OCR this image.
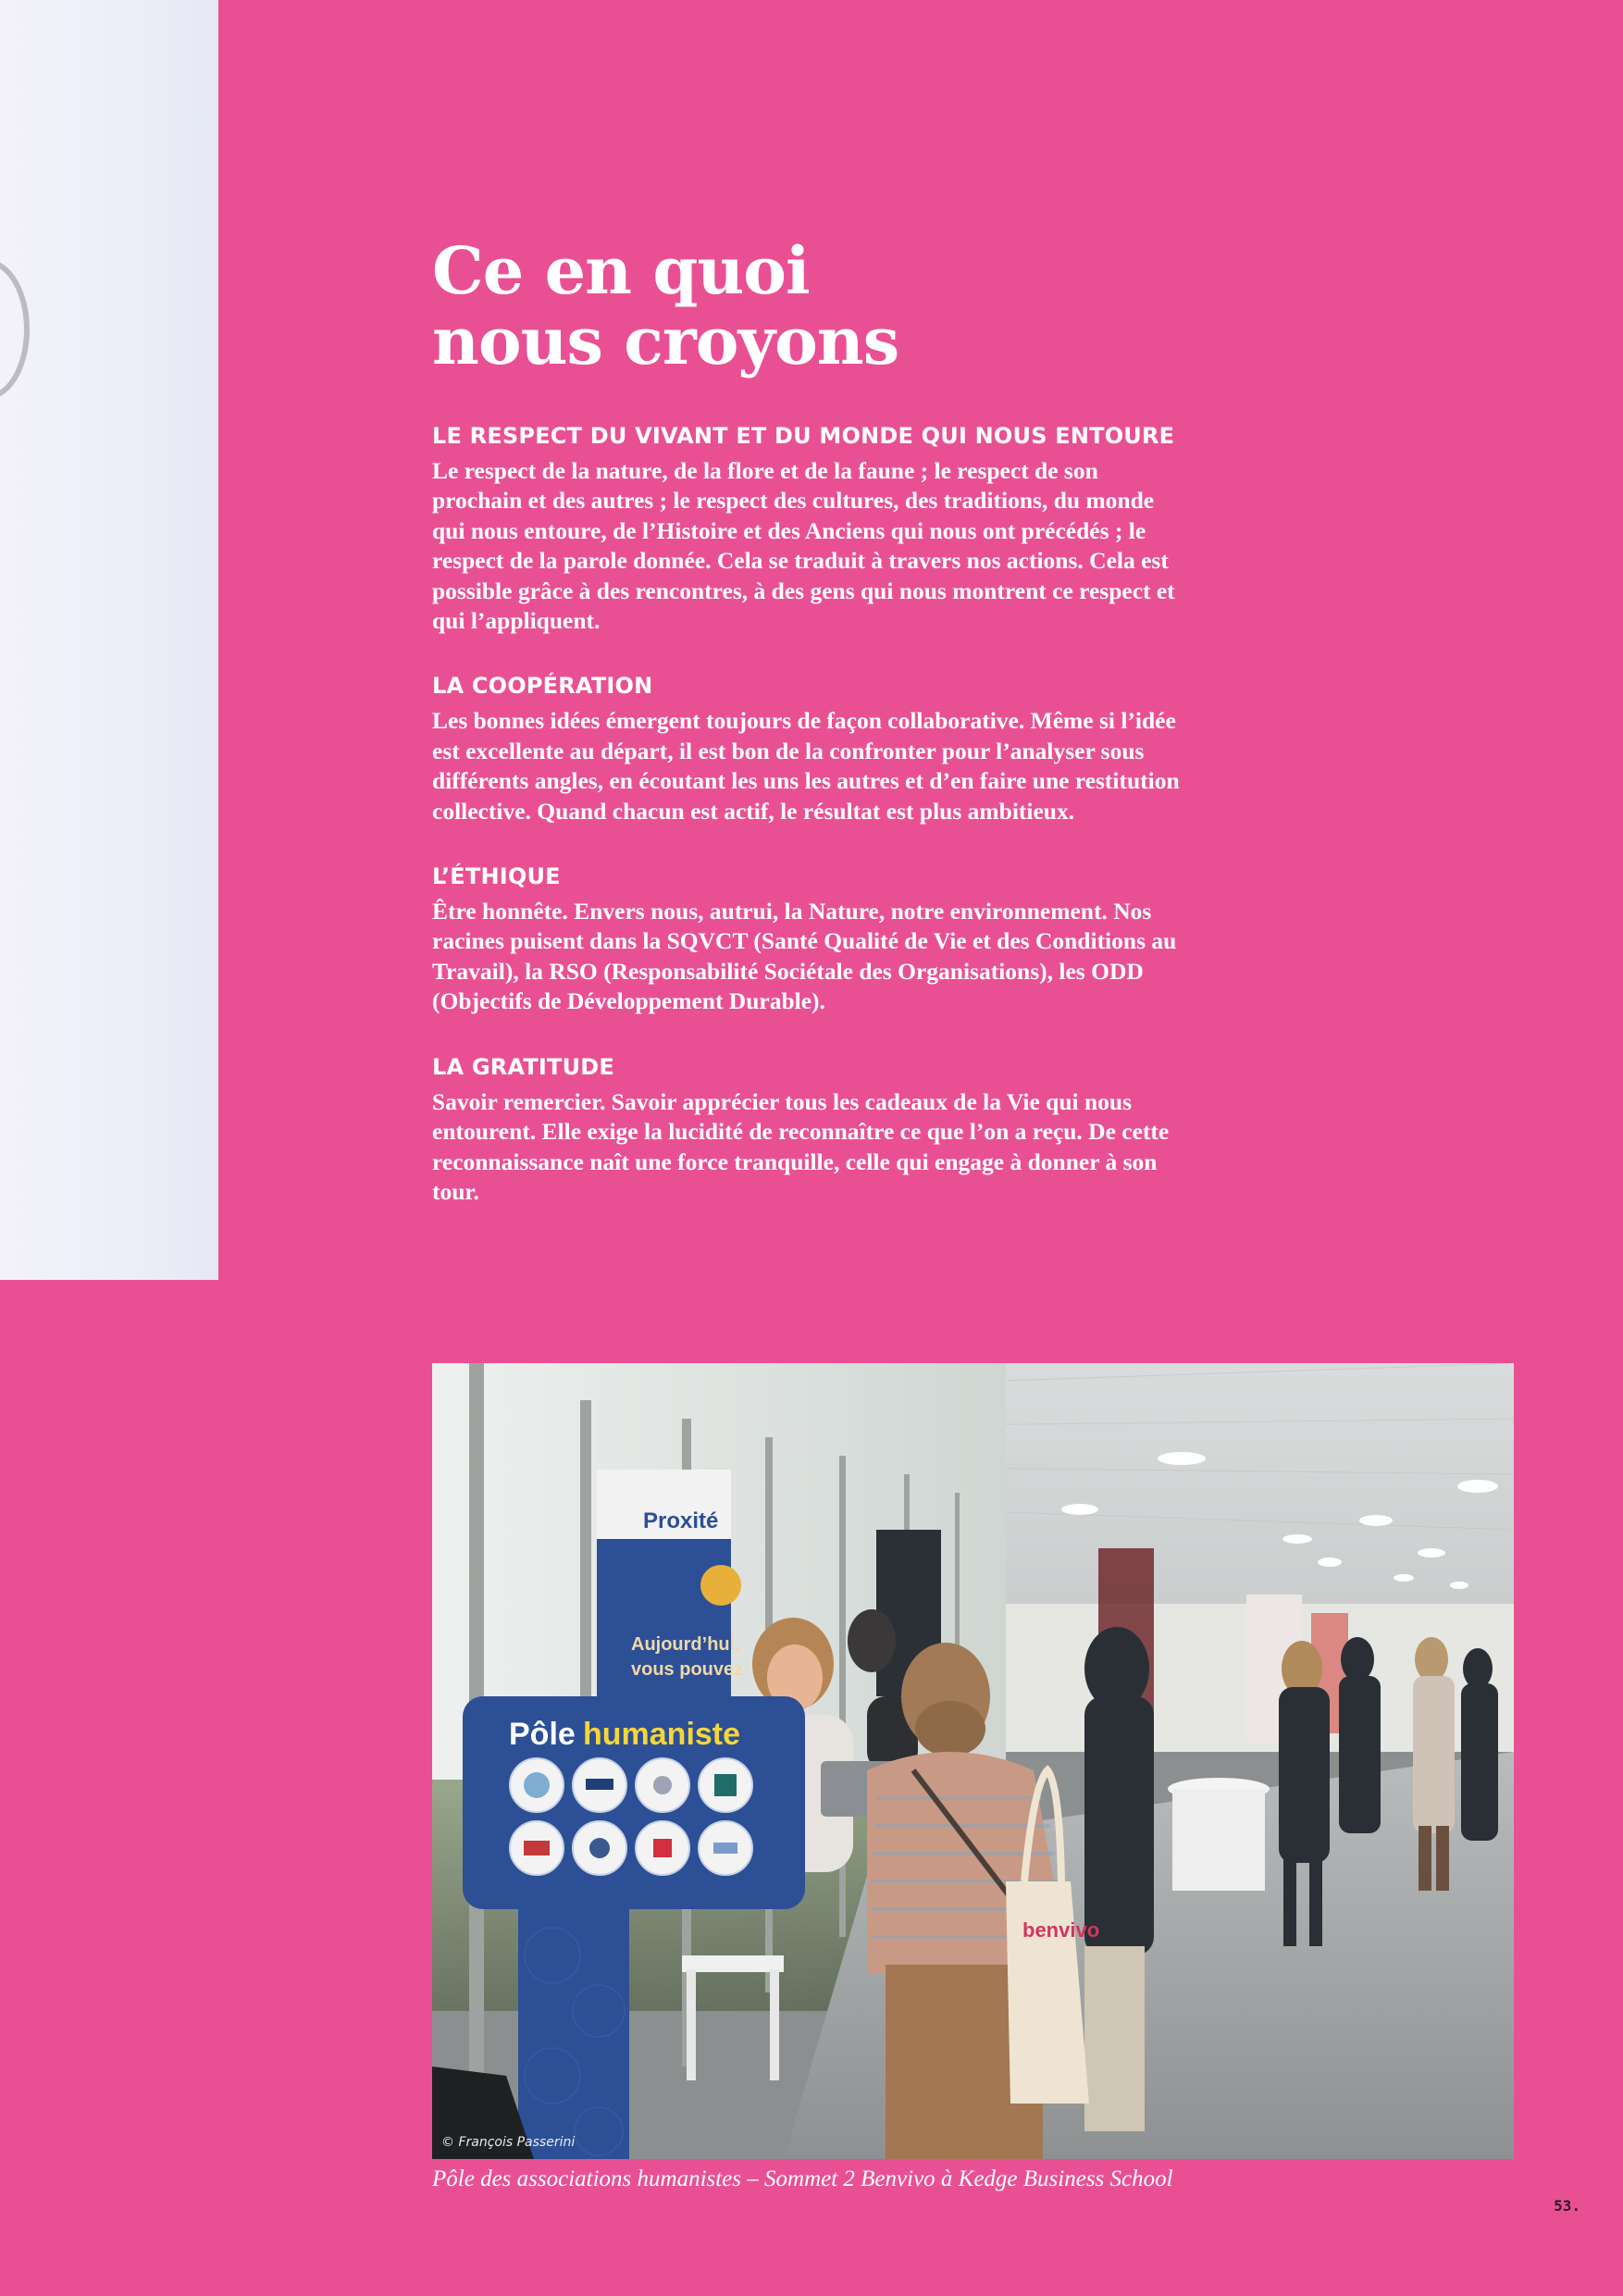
Ce en quoi
nous croyons
LE RESPECT DU VIVANT ET DU MONDE QUI NOUS ENTOURE

Le respect de la nature, de la flore et de la faune ; le respect de son prochain et des autres ; le respect des cultures, des traditions, du monde qui nous entoure, de l’Histoire et des Anciens qui nous ont précédés ; le respect de la parole donnée. Cela se traduit à travers nos actions. Cela est possible grâce à des rencontres, à des gens qui nous montrent ce respect et qui l’appliquent.

LA COOPÉRATION

Les bonnes idées émergent toujours de façon collaborative. Même si l’idée est excellente au départ, il est bon de la confronter pour l’analyser sous différents angles, en écoutant les uns les autres et d’en faire une restitution collective. Quand chacun est actif, le résultat est plus ambitieux.

L’ÉTHIQUE

Être honnête. Envers nous, autrui, la Nature, notre environnement. Nos racines puisent dans la SQVCT (Santé Qualité de Vie et des Conditions au Travail), la RSO (Responsabilité Sociétale des Organisations), les ODD (Objectifs de Développement Durable).

LA GRATITUDE

Savoir remercier. Savoir apprécier tous les cadeaux de la Vie qui nous entourent. Elle exige la lucidité de reconnaître ce que l’on a reçu. De cette reconnaissance naît une force tranquille, celle qui engage à donner à son tour.

Proxité
Aujourd’hui,
vous pouvez
Pôle humaniste
benvivo
© François Passerini
Pôle des associations humanistes – Sommet 2 Benvivo à Kedge Business School
53.
